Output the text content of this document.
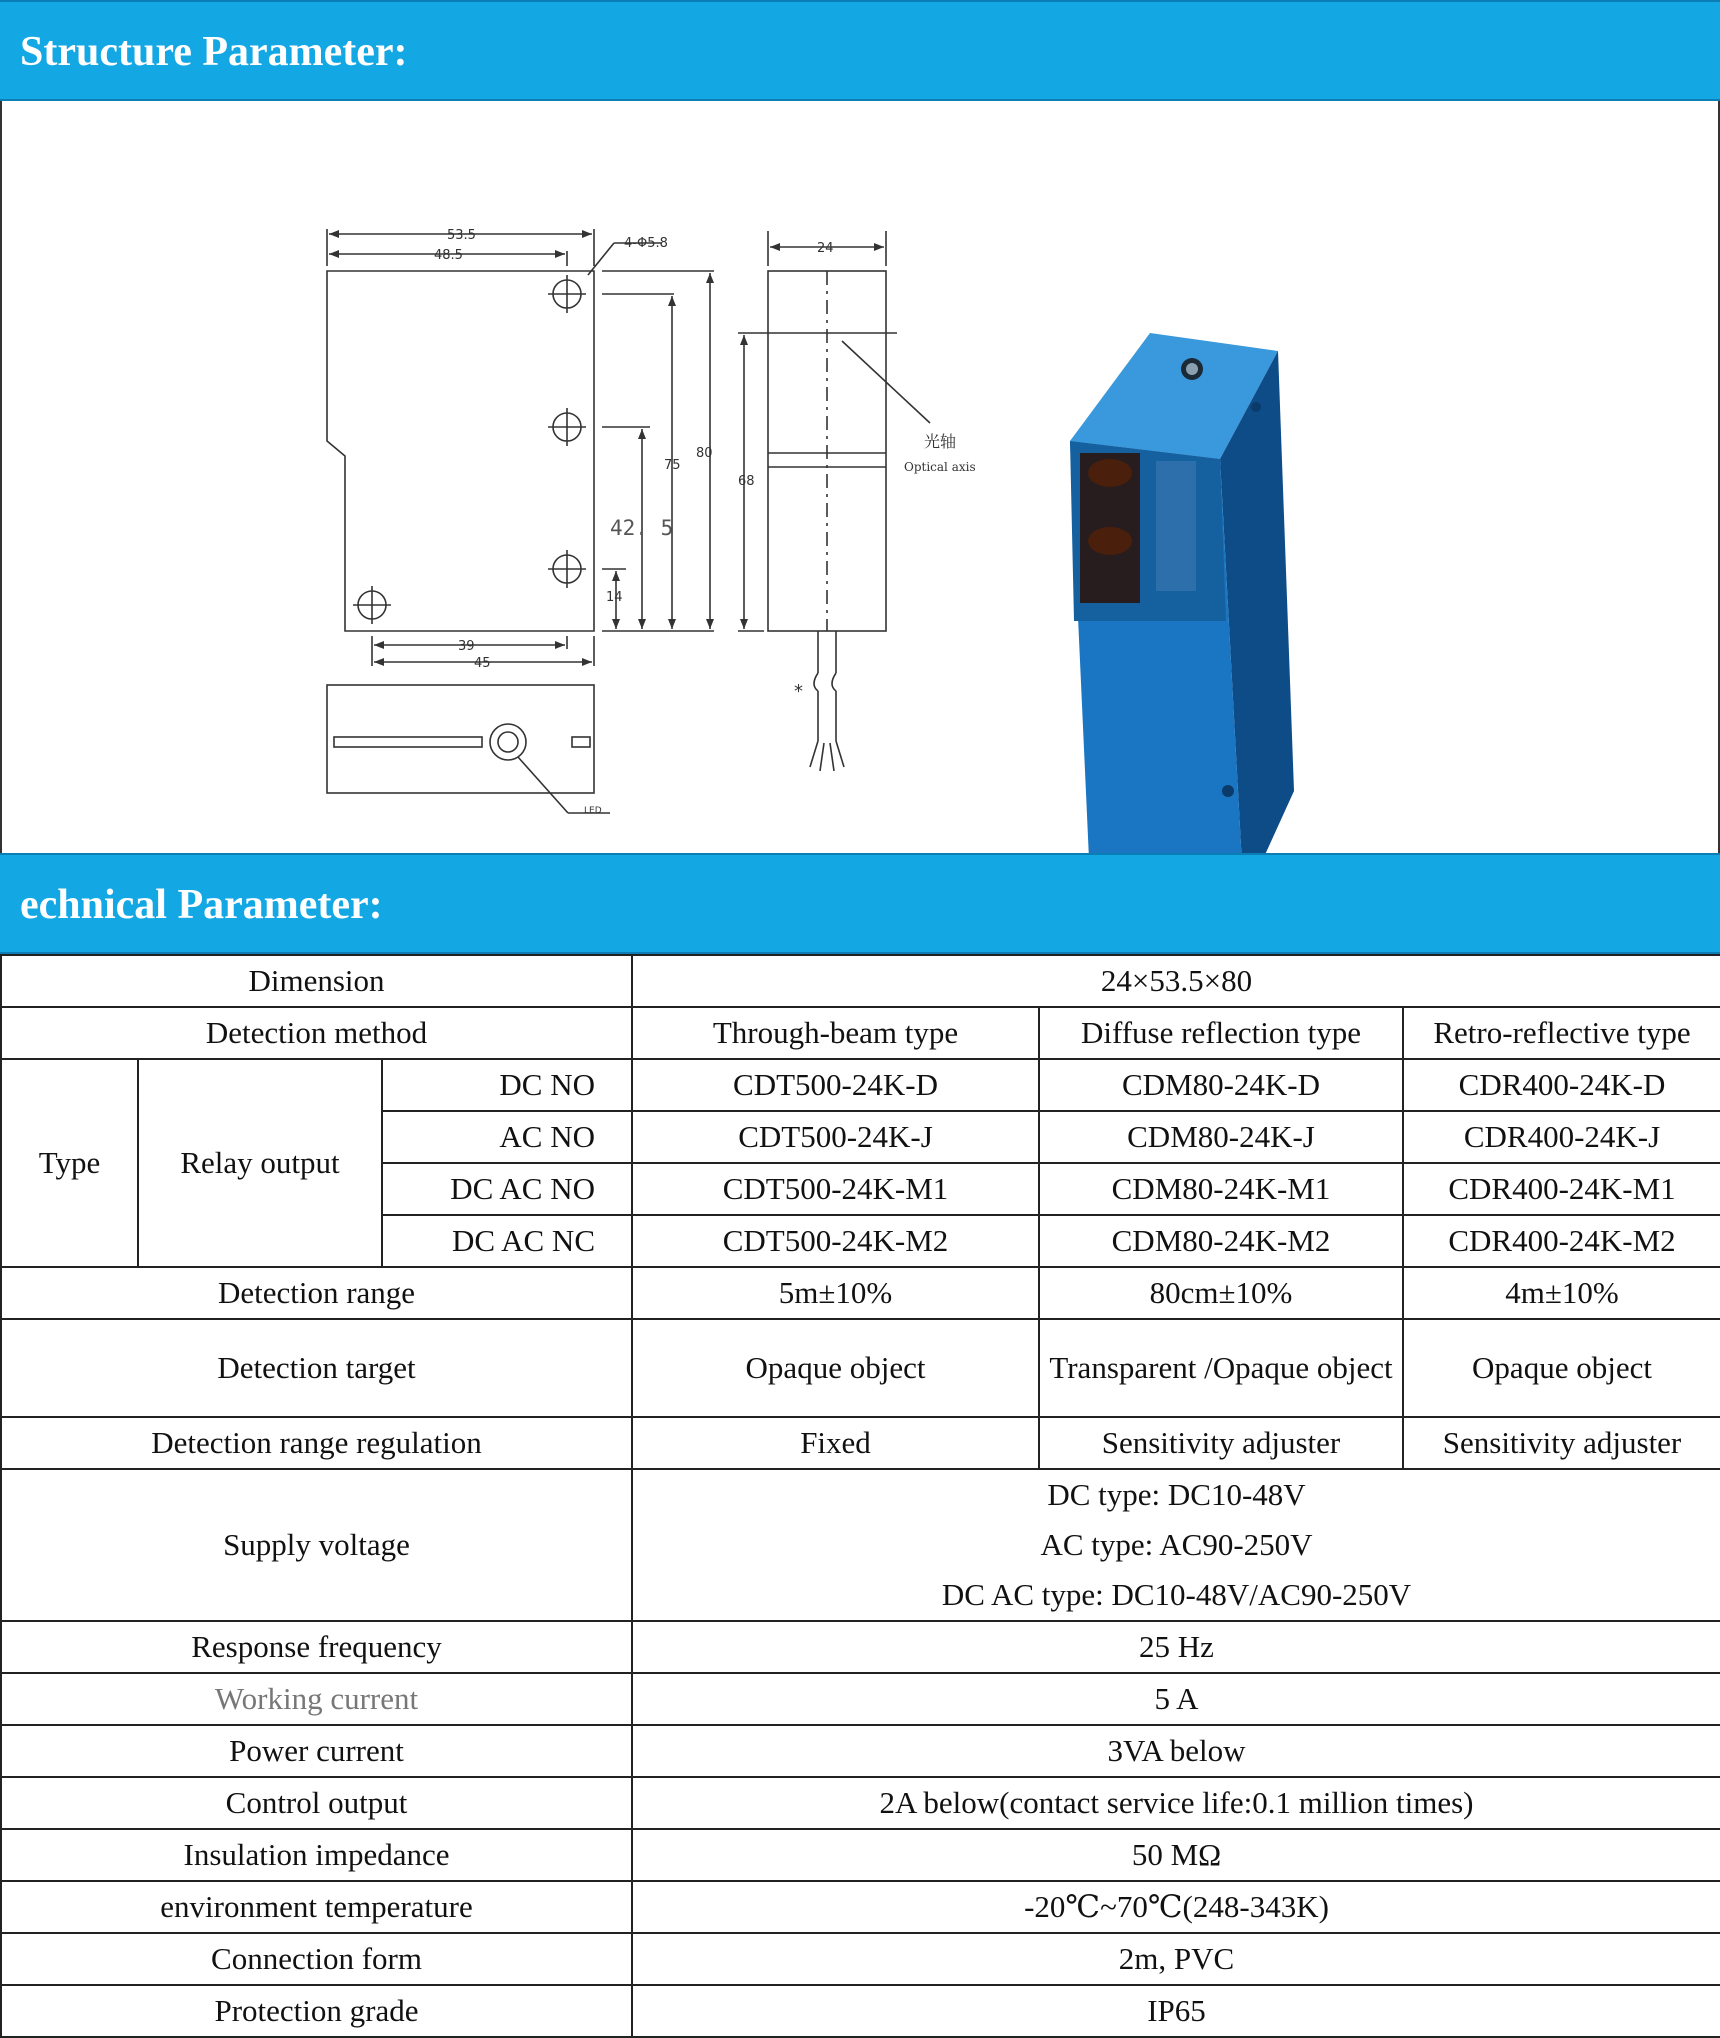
Structure Parameter:
53.5
48.5
4-Φ5.8	24
80
75
68
14
39
45
光轴
Optical axis
LED
*
42. 5
echnical Parameter:
Dimension			24×53.5×80		
Detection method			Through-beam type	Diffuse reflection type	Retro-reflective type
Type	Relay output	DC NO	CDT500-24K-D	CDM80-24K-D	CDR400-24K-D
		AC NO	CDT500-24K-J	CDM80-24K-J	CDR400-24K-J
		DC AC NO	CDT500-24K-M1	CDM80-24K-M1	CDR400-24K-M1
		DC AC NC	CDT500-24K-M2	CDM80-24K-M2	CDR400-24K-M2
Detection range			5m±10%	80cm±10%	4m±10%
Detection target			Opaque object	Transparent /Opaque object	Opaque object
Detection range regulation			Fixed	Sensitivity adjuster	Sensitivity adjuster
Supply voltage			DC type: DC10-48V
AC type: AC90-250V
DC AC type: DC10-48V/AC90-250V		

Response frequency			25 Hz		
Working current			5 A		
Power current			3VA below		
Control output			2A below(contact service life:0.1 million times)		
Insulation impedance			50 MΩ		
environment temperature			-20℃~70℃(248-343K)		
Connection form			2m, PVC		
Protection grade			IP65		
